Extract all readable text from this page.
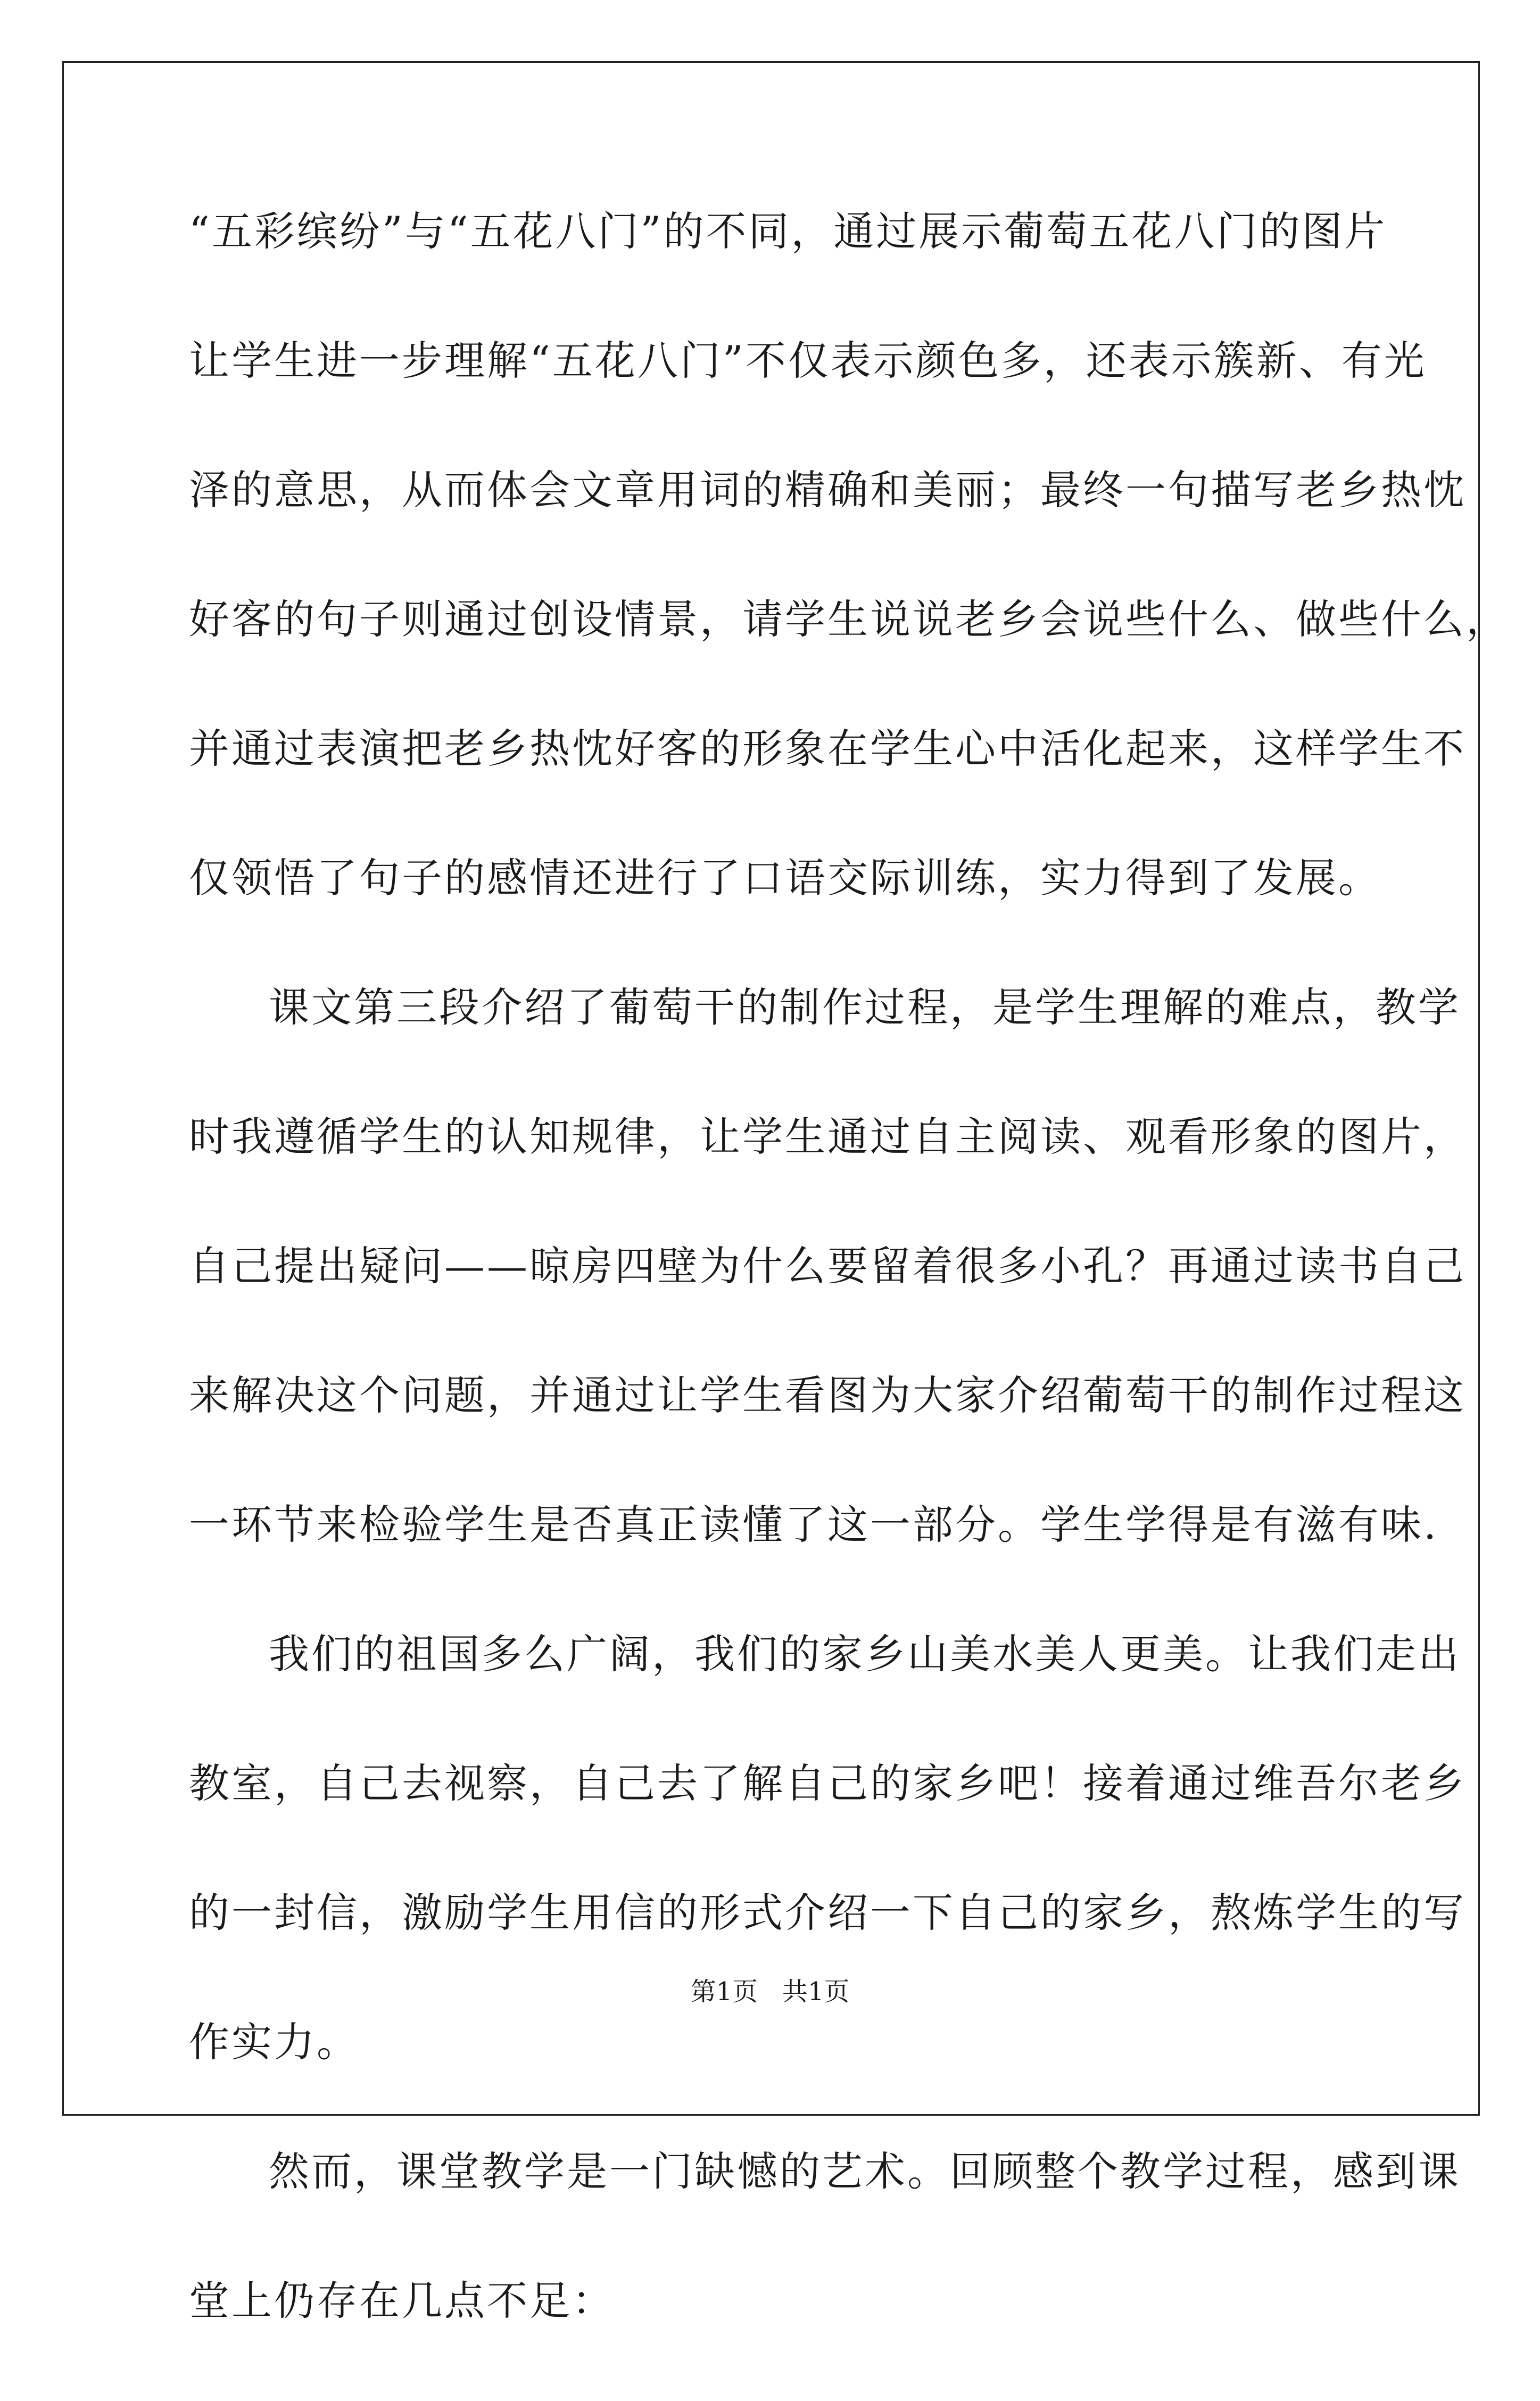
“五彩缤纷”与“五花八门”的不同，通过展示葡萄五花八门的图片
让学生进一步理解“五花八门”不仅表示颜色多，还表示簇新、有光
泽的意思，从而体会文章用词的精确和美丽；最终一句描写老乡热忱
好客的句子则通过创设情景，请学生说说老乡会说些什么、做些什么，
并通过表演把老乡热忱好客的形象在学生心中活化起来，这样学生不
仅领悟了句子的感情还进行了口语交际训练，实力得到了发展。
课文第三段介绍了葡萄干的制作过程，是学生理解的难点，教学
时我遵循学生的认知规律，让学生通过自主阅读、观看形象的图片，
自己提出疑问——晾房四壁为什么要留着很多小孔？再通过读书自己
来解决这个问题，并通过让学生看图为大家介绍葡萄干的制作过程这
一环节来检验学生是否真正读懂了这一部分。学生学得是有滋有味.
我们的祖国多么广阔，我们的家乡山美水美人更美。让我们走出
教室，自己去视察，自己去了解自己的家乡吧！接着通过维吾尔老乡
的一封信，激励学生用信的形式介绍一下自己的家乡，熬炼学生的写
作实力。
然而，课堂教学是一门缺憾的艺术。回顾整个教学过程，感到课
堂上仍存在几点不足：
第1页   共1页
